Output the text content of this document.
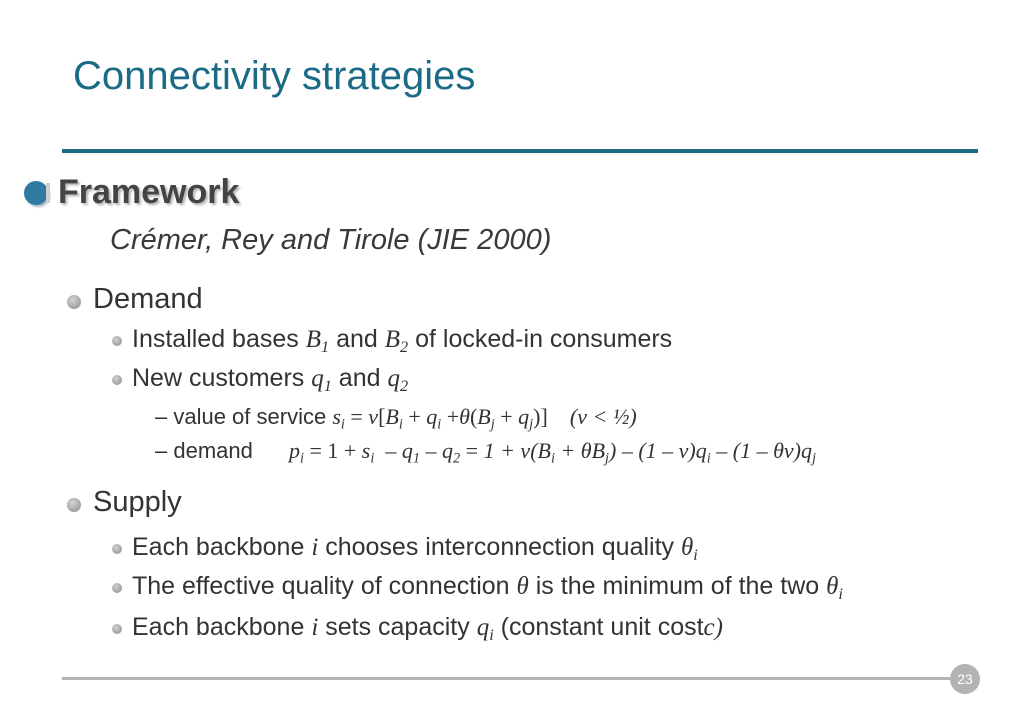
Connectivity strategies
Framework
Crémer, Rey and Tirole (JIE 2000)
Demand
Installed bases $B_1$ and $B_2$ of locked-in consumers
New customers $q_1$ and $q_2$
– value of service $s_i = v[B_i + q_i +\theta(B_j + q_j)] (v$ < ½)
– demand $p_i = 1 + s_i - q_1 - q_2 = 1 + v(B_i + \theta B_j) - (1 - v)q_i - (1 - \theta v)q_j$
Supply
Each backbone i chooses interconnection quality $\theta_i$
The effective quality of connection θ is the minimum of the two $\theta_i$
Each backbone i sets capacity $q_i$ (constant unit costc)
23
